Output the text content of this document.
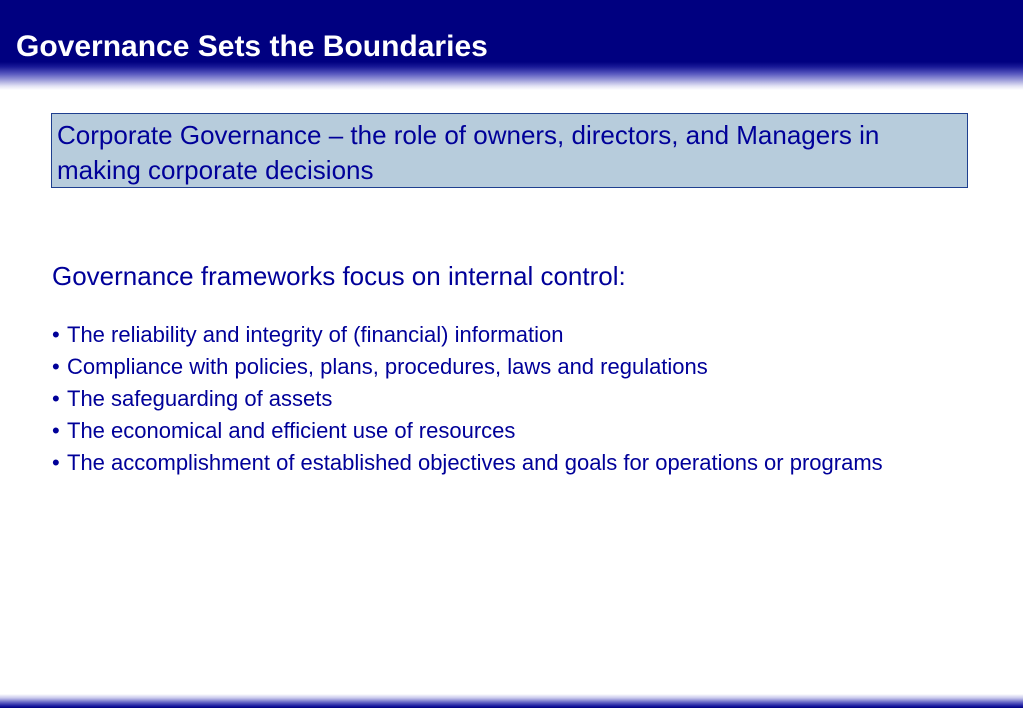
Governance Sets the Boundaries

Corporate Governance – the role of owners, directors, and Managers in making corporate decisions

Governance frameworks focus on internal control:
• The reliability and integrity of (financial) information
• Compliance with policies, plans, procedures, laws and regulations
• The safeguarding of assets
• The economical and efficient use of resources
• The accomplishment of established objectives and goals for operations or programs
